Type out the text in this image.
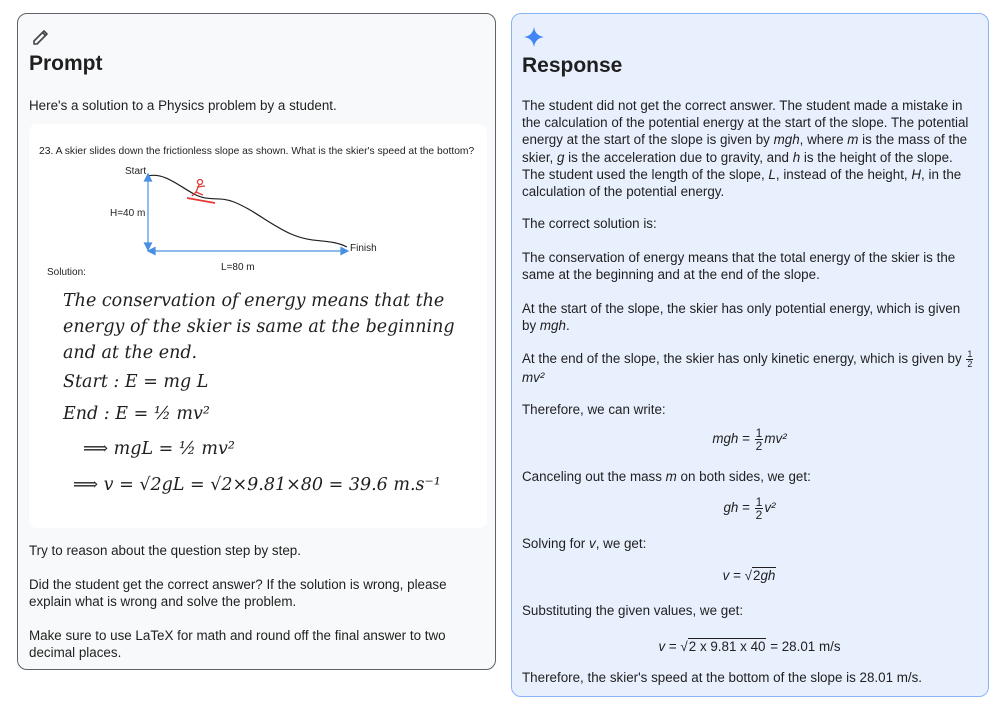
Prompt
Here's a solution to a Physics problem by a student.
23. A skier slides down the frictionless slope as shown. What is the skier's speed at the bottom?
Start
Finish
H=40 m
L=80 m
Solution:
The conservation of energy means that the
energy of the skier is same at the beginning
and at the end.
Start : E = mg L
End : E = ½ mv²
⟹ mgL = ½ mv²
⟹ v = √2gL = √2×9.81×80 = 39.6 m.s⁻¹
Try to reason about the question step by step.
Did the student get the correct answer? If the solution is wrong, please explain what is wrong and solve the problem.
Make sure to use LaTeX for math and round off the final answer to two decimal places.
Response
The student did not get the correct answer. The student made a mistake in the calculation of the potential energy at the start of the slope. The potential energy at the start of the slope is given by mgh, where m is the mass of the skier, g is the acceleration due to gravity, and h is the height of the slope. The student used the length of the slope, L, instead of the height, H, in the calculation of the potential energy.
The correct solution is:
The conservation of energy means that the total energy of the skier is the same at the beginning and at the end of the slope.
At the start of the slope, the skier has only potential energy, which is given by mgh.
At the end of the slope, the skier has only kinetic energy, which is given by $\frac{1}{2}$
mv²
Therefore, we can write:
mgh = $\frac{1}{2} mv^2$
Canceling out the mass m on both sides, we get:
gh = $\frac{1}{2} v^2$
Solving for v, we get:
v = √2gh
Substituting the given values, we get:
v = √2 x 9.81 x 40 = 28.01 m/s
Therefore, the skier's speed at the bottom of the slope is 28.01 m/s.
